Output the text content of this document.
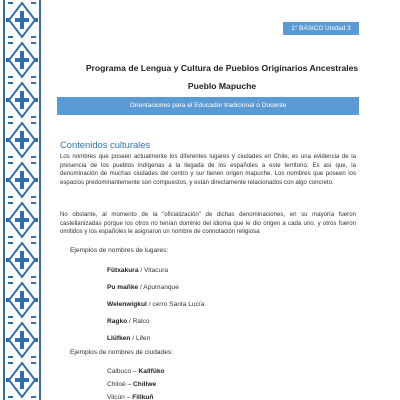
1° BÁSICO Unidad 3
Programa de Lengua y Cultura de Pueblos Originarios Ancestrales
Pueblo Mapuche
Orientaciones para el Educador tradicional o Docente
Contenidos culturales

Los nombres que poseen actualmente los diferentes lugares y ciudades en Chile, es una evidencia de la presencia de los pueblos indígenas a la llegada de los españoles a este territorio. Es así que, la denominación de muchas ciudades del centro y sur tienen origen mapuche. Los nombres que poseen los espacios predominantemente son compuestos, y están directamente relacionados con algo concreto.

No obstante, al momento de la "oficialización" de dichas denominaciones, en su mayoría fueron castellanizadas porque los otros no tenían dominio del idioma que le dio origen a cada uno, y otros fueron omitidos y los españoles le asignaron un nombre de connotación religiosa

Ejemplos de nombres de lugares:
Fütxakura / Vitacura
Pu mañke / Apumanque
Welenwigkul / cerro Santa Lucía
Ragko / Ralco
Llüfken / Lifen
Ejemplos de nombres de ciudades:
Calbuco – Kallfüko
Chiloé – Chillwe
Vilcún – Fillkuñ
